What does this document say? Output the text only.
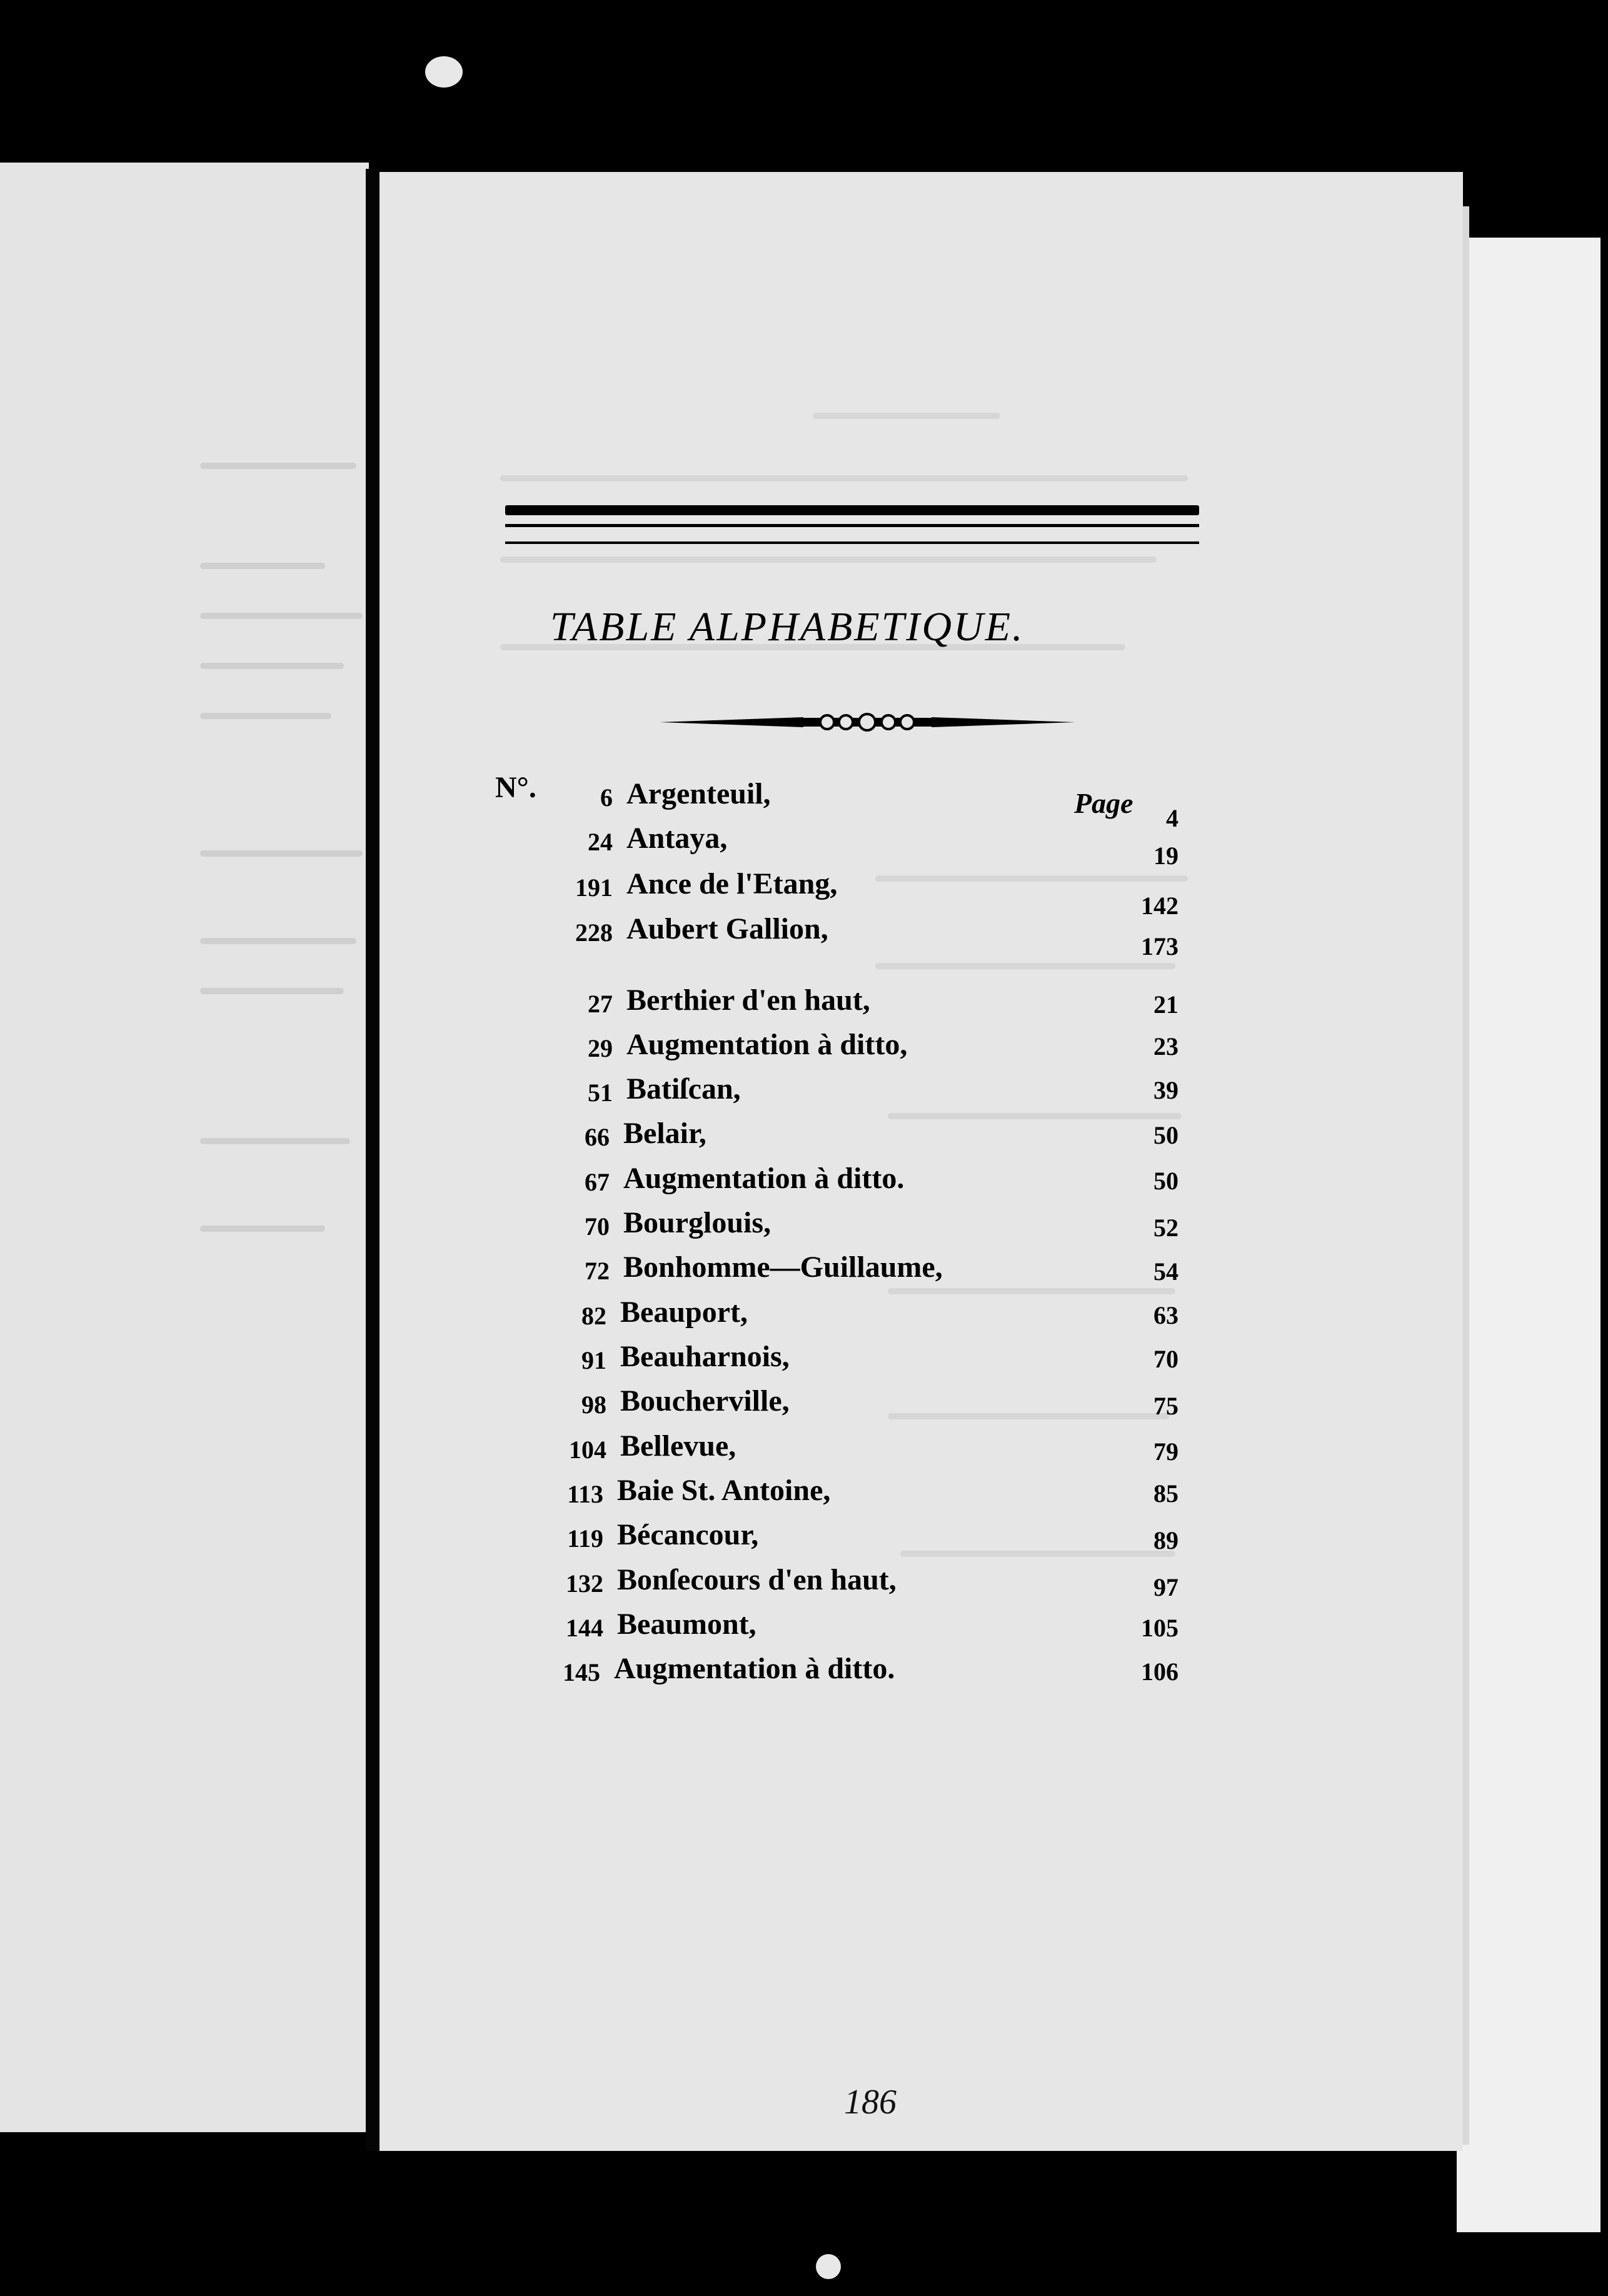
TABLE ALPHABETIQUE.
N°.	Page
6 Argenteuil,
24 Antaya,
191 Ance de l'Etang,
228 Aubert Gallion,
27 Berthier d'en haut,
29 Augmentation à ditto,
51 Batiſcan,
66 Belair,
67 Augmentation à ditto.
70 Bourglouis,
72 Bonhomme—Guillaume,
82 Beauport,
91 Beauharnois,
98 Boucherville,
104 Bellevue,
113 Baie St. Antoine,
119 Bécancour,
132 Bonſecours d'en haut,
144 Beaumont,
145 Augmentation à ditto.
4
19
142
173
21
23
39
50
50
52
54
63
70
75
79
85
89
97
105
106
186
